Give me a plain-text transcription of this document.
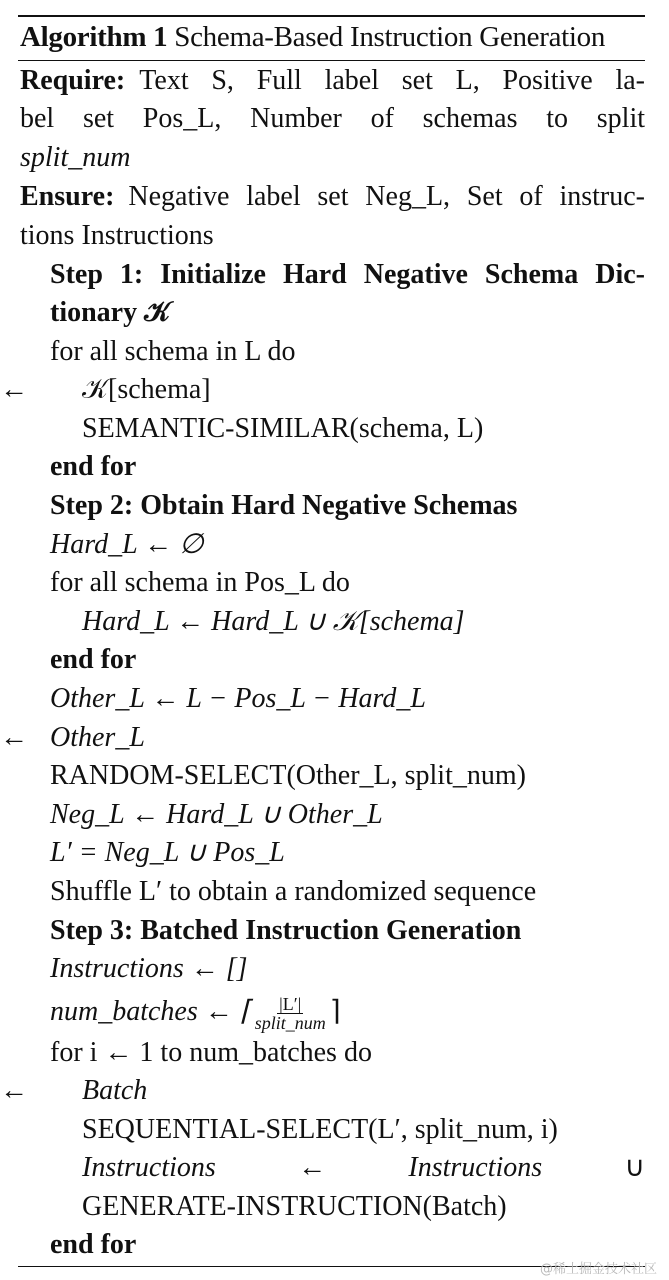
Algorithm 1 Schema-Based Instruction Generation
Require: Text S, Full label set L, Positive la-
bel set Pos_L, Number of schemas to split
split_num
Ensure: Negative label set Neg_L, Set of instruc-
tions Instructions
Step 1: Initialize Hard Negative Schema Dic-
tionary 𝒦
for all schema in L do
𝒦[schema]
←
SEMANTIC-SIMILAR(schema, L)
end for
Step 2: Obtain Hard Negative Schemas
Hard_L ← ∅
for all schema in Pos_L do
Hard_L ← Hard_L ∪ 𝒦[schema]
end for
Other_L ← L − Pos_L − Hard_L
Other_L
←
RANDOM-SELECT(Other_L, split_num)
Neg_L ← Hard_L ∪ Other_L
L′ = Neg_L ∪ Pos_L
Shuffle L′ to obtain a randomized sequence
Step 3: Batched Instruction Generation
Instructions ← []
num_batches ← ⌈ $\frac{|L'|}{\text{split\_num}}$ ⌉
for i ← 1 to num_batches do
Batch
←
SEQUENTIAL-SELECT(L′, split_num, i)
Instructions	←	Instructions	∪
GENERATE-INSTRUCTION(Batch)
end for
@稀土掘金技术社区
